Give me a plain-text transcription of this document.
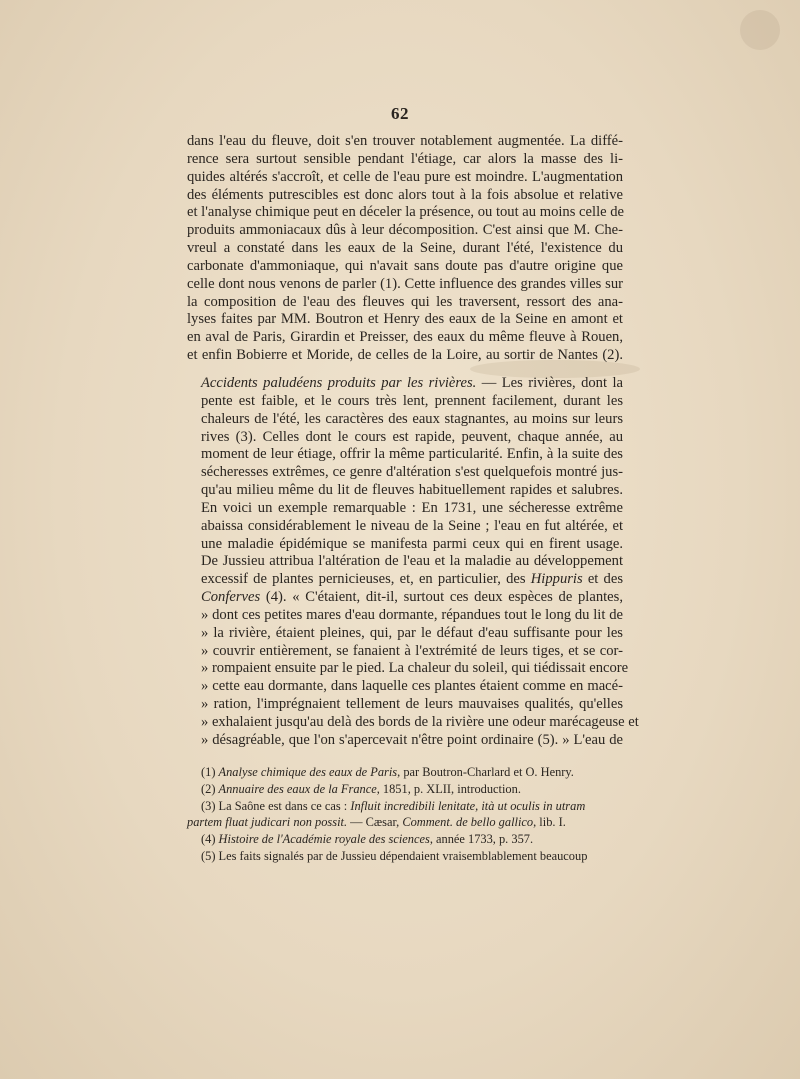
62

dans l'eau du fleuve, doit s'en trouver notablement augmentée. La diffé-
rence sera surtout sensible pendant l'étiage, car alors la masse des li-
quides altérés s'accroît, et celle de l'eau pure est moindre. L'augmentation
des éléments putrescibles est donc alors tout à la fois absolue et relative
et l'analyse chimique peut en déceler la présence, ou tout au moins celle de
produits ammoniacaux dûs à leur décomposition. C'est ainsi que M. Che-
vreul a constaté dans les eaux de la Seine, durant l'été, l'existence du
carbonate d'ammoniaque, qui n'avait sans doute pas d'autre origine que
celle dont nous venons de parler (1). Cette influence des grandes villes sur
la composition de l'eau des fleuves qui les traversent, ressort des ana-
lyses faites par MM. Boutron et Henry des eaux de la Seine en amont et
en aval de Paris, Girardin et Preisser, des eaux du même fleuve à Rouen,
et enfin Bobierre et Moride, de celles de la Loire, au sortir de Nantes (2).

Accidents paludéens produits par les rivières. — Les rivières, dont la
pente est faible, et le cours très lent, prennent facilement, durant les
chaleurs de l'été, les caractères des eaux stagnantes, au moins sur leurs
rives (3). Celles dont le cours est rapide, peuvent, chaque année, au
moment de leur étiage, offrir la même particularité. Enfin, à la suite des
sécheresses extrêmes, ce genre d'altération s'est quelquefois montré jus-
qu'au milieu même du lit de fleuves habituellement rapides et salubres.
En voici un exemple remarquable : En 1731, une sécheresse extrême
abaissa considérablement le niveau de la Seine ; l'eau en fut altérée, et
une maladie épidémique se manifesta parmi ceux qui en firent usage.
De Jussieu attribua l'altération de l'eau et la maladie au développement
excessif de plantes pernicieuses, et, en particulier, des Hippuris et des
Conferves (4). « C'étaient, dit-il, surtout ces deux espèces de plantes,
» dont ces petites mares d'eau dormante, répandues tout le long du lit de
» la rivière, étaient pleines, qui, par le défaut d'eau suffisante pour les
» couvrir entièrement, se fanaient à l'extrémité de leurs tiges, et se cor-
» rompaient ensuite par le pied. La chaleur du soleil, qui tiédissait encore
» cette eau dormante, dans laquelle ces plantes étaient comme en macé-
» ration, l'imprégnaient tellement de leurs mauvaises qualités, qu'elles
» exhalaient jusqu'au delà des bords de la rivière une odeur marécageuse et
» désagréable, que l'on s'apercevait n'être point ordinaire (5). » L'eau de

(1) Analyse chimique des eaux de Paris, par Boutron-Charlard et O. Henry.
(2) Annuaire des eaux de la France, 1851, p. XLII, introduction.
(3) La Saône est dans ce cas : Influit incredibili lenitate, ità ut oculis in utram
partem fluat judicari non possit. — Cæsar, Comment. de bello gallico, lib. I.
(4) Histoire de l'Académie royale des sciences, année 1733, p. 357.
(5) Les faits signalés par de Jussieu dépendaient vraisemblablement beaucoup
